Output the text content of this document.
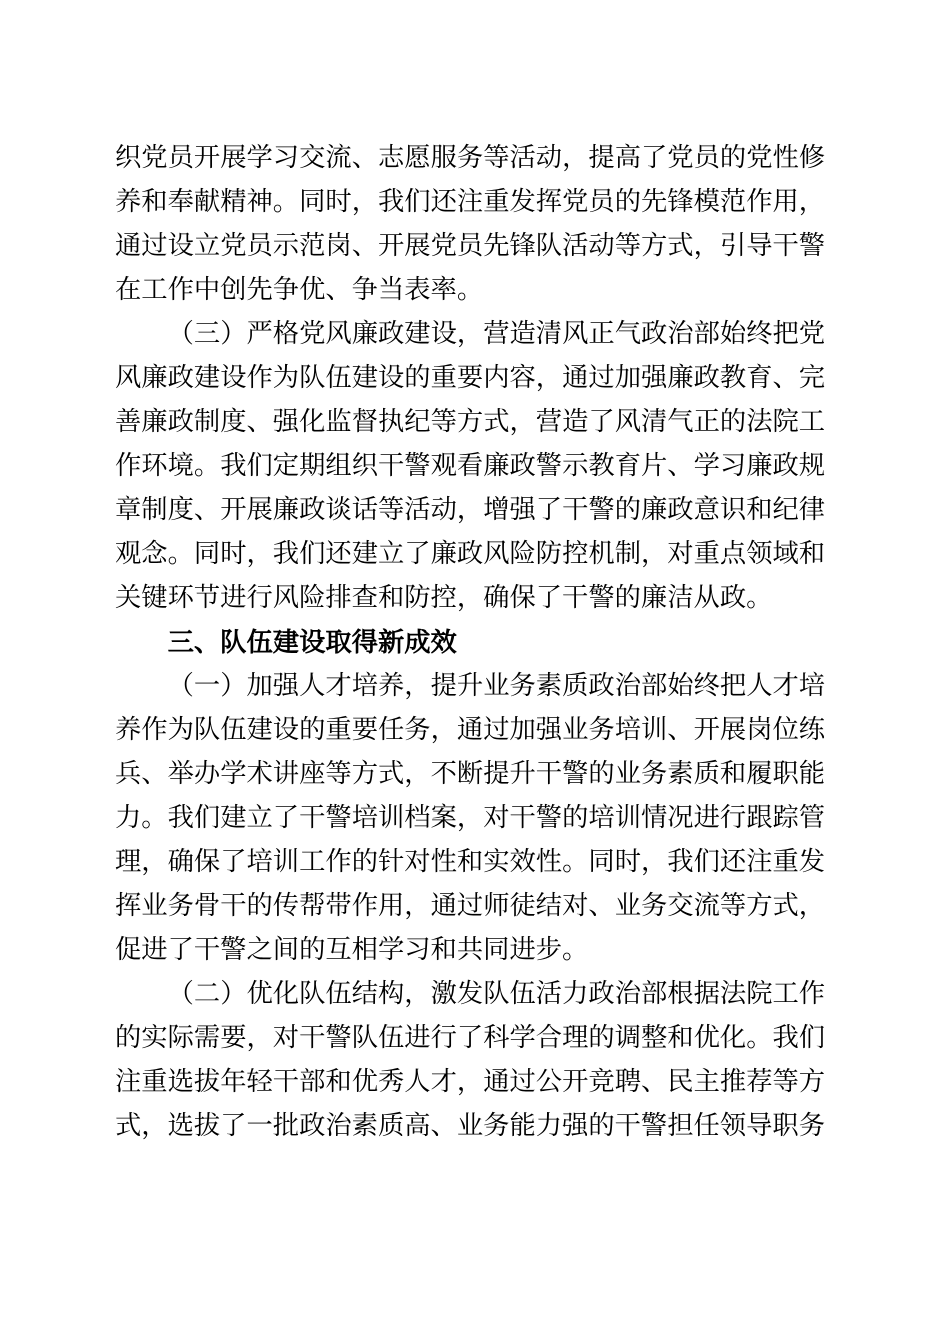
织党员开展学习交流、志愿服务等活动，提高了党员的党性修养和奉献精神。同时，我们还注重发挥党员的先锋模范作用，通过设立党员示范岗、开展党员先锋队活动等方式，引导干警在工作中创先争优、争当表率。

（三）严格党风廉政建设，营造清风正气政治部始终把党风廉政建设作为队伍建设的重要内容，通过加强廉政教育、完善廉政制度、强化监督执纪等方式，营造了风清气正的法院工作环境。我们定期组织干警观看廉政警示教育片、学习廉政规章制度、开展廉政谈话等活动，增强了干警的廉政意识和纪律观念。同时，我们还建立了廉政风险防控机制，对重点领域和关键环节进行风险排查和防控，确保了干警的廉洁从政。

三、队伍建设取得新成效

（一）加强人才培养，提升业务素质政治部始终把人才培养作为队伍建设的重要任务，通过加强业务培训、开展岗位练兵、举办学术讲座等方式，不断提升干警的业务素质和履职能力。我们建立了干警培训档案，对干警的培训情况进行跟踪管理，确保了培训工作的针对性和实效性。同时，我们还注重发挥业务骨干的传帮带作用，通过师徒结对、业务交流等方式，促进了干警之间的互相学习和共同进步。

（二）优化队伍结构，激发队伍活力政治部根据法院工作的实际需要，对干警队伍进行了科学合理的调整和优化。我们注重选拔年轻干部和优秀人才，通过公开竞聘、民主推荐等方式，选拔了一批政治素质高、业务能力强的干警担任领导职务
